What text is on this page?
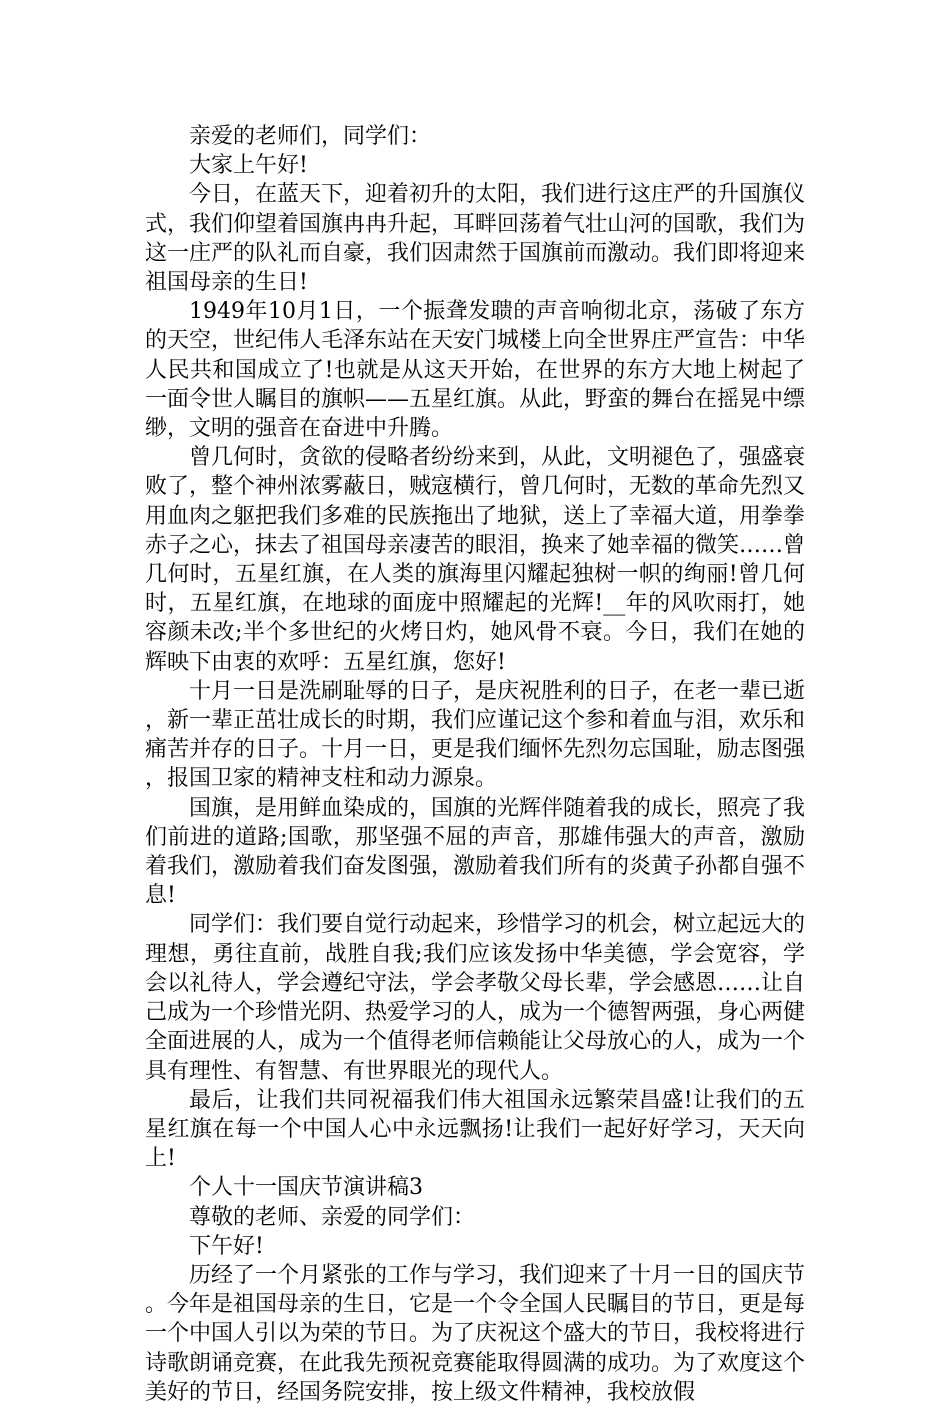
亲爱的老师们，同学们：

大家上午好!

今日，在蓝天下，迎着初升的太阳，我们进行这庄严的升国旗仪式，我们仰望着国旗冉冉升起，耳畔回荡着气壮山河的国歌，我们为这一庄严的队礼而自豪，我们因肃然于国旗前而激动。我们即将迎来祖国母亲的生日!

1949年10月1日，一个振聋发聩的声音响彻北京，荡破了东方的天空，世纪伟人毛泽东站在天安门城楼上向全世界庄严宣告：中华人民共和国成立了!也就是从这天开始，在世界的东方大地上树起了一面令世人瞩目的旗帜——五星红旗。从此，野蛮的舞台在摇晃中缥缈，文明的强音在奋进中升腾。

曾几何时，贪欲的侵略者纷纷来到，从此，文明褪色了，强盛衰败了，整个神州浓雾蔽日，贼寇横行，曾几何时，无数的革命先烈又用血肉之躯把我们多难的民族拖出了地狱，送上了幸福大道，用拳拳赤子之心，抹去了祖国母亲凄苦的眼泪，换来了她幸福的微笑……曾几何时，五星红旗，在人类的旗海里闪耀起独树一帜的绚丽!曾几何时，五星红旗，在地球的面庞中照耀起的光辉!__年的风吹雨打，她容颜未改;半个多世纪的火烤日灼，她风骨不衰。今日，我们在她的辉映下由衷的欢呼：五星红旗，您好!

十月一日是洗刷耻辱的日子，是庆祝胜利的日子，在老一辈已逝，新一辈正茁壮成长的时期，我们应谨记这个参和着血与泪，欢乐和痛苦并存的日子。十月一日，更是我们缅怀先烈勿忘国耻，励志图强，报国卫家的精神支柱和动力源泉。

国旗，是用鲜血染成的，国旗的光辉伴随着我的成长，照亮了我们前进的道路;国歌，那坚强不屈的声音，那雄伟强大的声音，激励着我们，激励着我们奋发图强，激励着我们所有的炎黄子孙都自强不息!

同学们：我们要自觉行动起来，珍惜学习的机会，树立起远大的理想，勇往直前，战胜自我;我们应该发扬中华美德，学会宽容，学会以礼待人，学会遵纪守法，学会孝敬父母长辈，学会感恩……让自己成为一个珍惜光阴、热爱学习的人，成为一个德智两强，身心两健全面进展的人，成为一个值得老师信赖能让父母放心的人，成为一个具有理性、有智慧、有世界眼光的现代人。

最后，让我们共同祝福我们伟大祖国永远繁荣昌盛!让我们的五星红旗在每一个中国人心中永远飘扬!让我们一起好好学习，天天向上!

个人十一国庆节演讲稿3

尊敬的老师、亲爱的同学们：

下午好!

历经了一个月紧张的工作与学习，我们迎来了十月一日的国庆节。今年是祖国母亲的生日，它是一个令全国人民瞩目的节日，更是每一个中国人引以为荣的节日。为了庆祝这个盛大的节日，我校将进行诗歌朗诵竞赛，在此我先预祝竞赛能取得圆满的成功。为了欢度这个美好的节日，经国务院安排，按上级文件精神，我校放假
